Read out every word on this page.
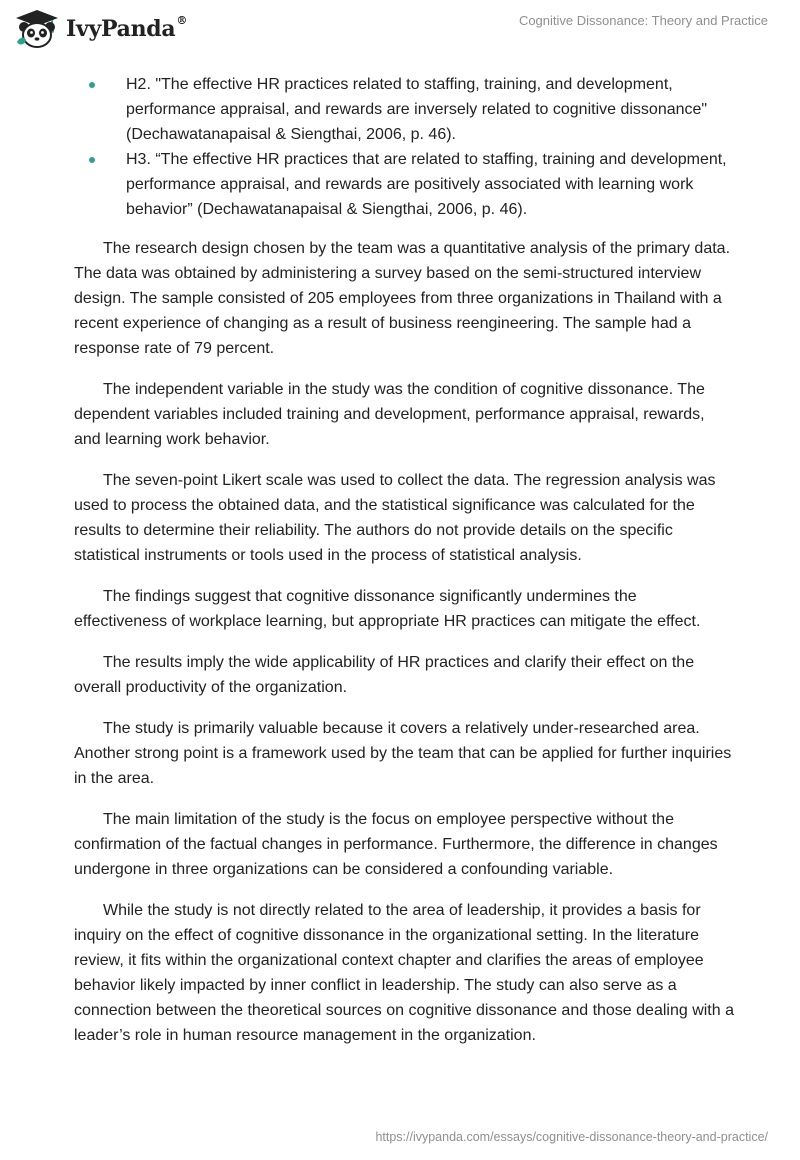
IvyPanda®	Cognitive Dissonance: Theory and Practice
H2. "The effective HR practices related to staffing, training, and development, performance appraisal, and rewards are inversely related to cognitive dissonance" (Dechawatanapaisal & Siengthai, 2006, p. 46).
H3. “The effective HR practices that are related to staffing, training and development, performance appraisal, and rewards are positively associated with learning work behavior” (Dechawatanapaisal & Siengthai, 2006, p. 46).

The research design chosen by the team was a quantitative analysis of the primary data. The data was obtained by administering a survey based on the semi-structured interview design. The sample consisted of 205 employees from three organizations in Thailand with a recent experience of changing as a result of business reengineering. The sample had a response rate of 79 percent.

The independent variable in the study was the condition of cognitive dissonance. The dependent variables included training and development, performance appraisal, rewards, and learning work behavior.

The seven-point Likert scale was used to collect the data. The regression analysis was used to process the obtained data, and the statistical significance was calculated for the results to determine their reliability. The authors do not provide details on the specific statistical instruments or tools used in the process of statistical analysis.

The findings suggest that cognitive dissonance significantly undermines the effectiveness of workplace learning, but appropriate HR practices can mitigate the effect.

The results imply the wide applicability of HR practices and clarify their effect on the overall productivity of the organization.

The study is primarily valuable because it covers a relatively under-researched area. Another strong point is a framework used by the team that can be applied for further inquiries in the area.

The main limitation of the study is the focus on employee perspective without the confirmation of the factual changes in performance. Furthermore, the difference in changes undergone in three organizations can be considered a confounding variable.

While the study is not directly related to the area of leadership, it provides a basis for inquiry on the effect of cognitive dissonance in the organizational setting. In the literature review, it fits within the organizational context chapter and clarifies the areas of employee behavior likely impacted by inner conflict in leadership. The study can also serve as a connection between the theoretical sources on cognitive dissonance and those dealing with a leader’s role in human resource management in the organization.

https://ivypanda.com/essays/cognitive-dissonance-theory-and-practice/
